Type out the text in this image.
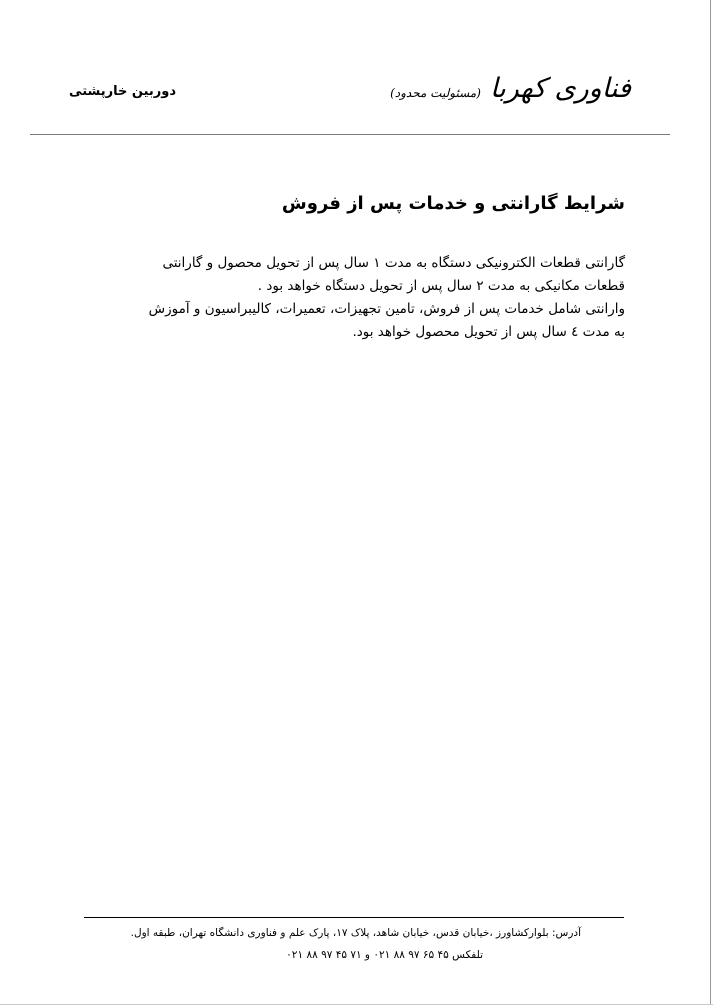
فناوری کهربا (مسئولیت محدود)
دوربین خارپشتی
شرایط گارانتی و خدمات پس از فروش

گارانتی قطعات الکترونیکی دستگاه به مدت ۱ سال پس از تحویل محصول و گارانتی

قطعات مکانیکی به مدت ۲ سال پس از تحویل دستگاه خواهد بود .

وارانتی شامل خدمات پس از فروش، تامین تجهیزات، تعمیرات، کالیبراسیون و آموزش

به مدت ٤ سال پس از تحویل محصول خواهد بود.

آدرس: بلوارکشاورز ،خیابان قدس، خیابان شاهد، پلاک ۱۷، پارک علم و فناوری دانشگاه تهران، طبقه اول.
تلفکس ۴۵ ۶۵ ۹۷ ۸۸ ۰۲۱ و ۷۱ ۴۵ ۹۷ ۸۸ ۰۲۱
